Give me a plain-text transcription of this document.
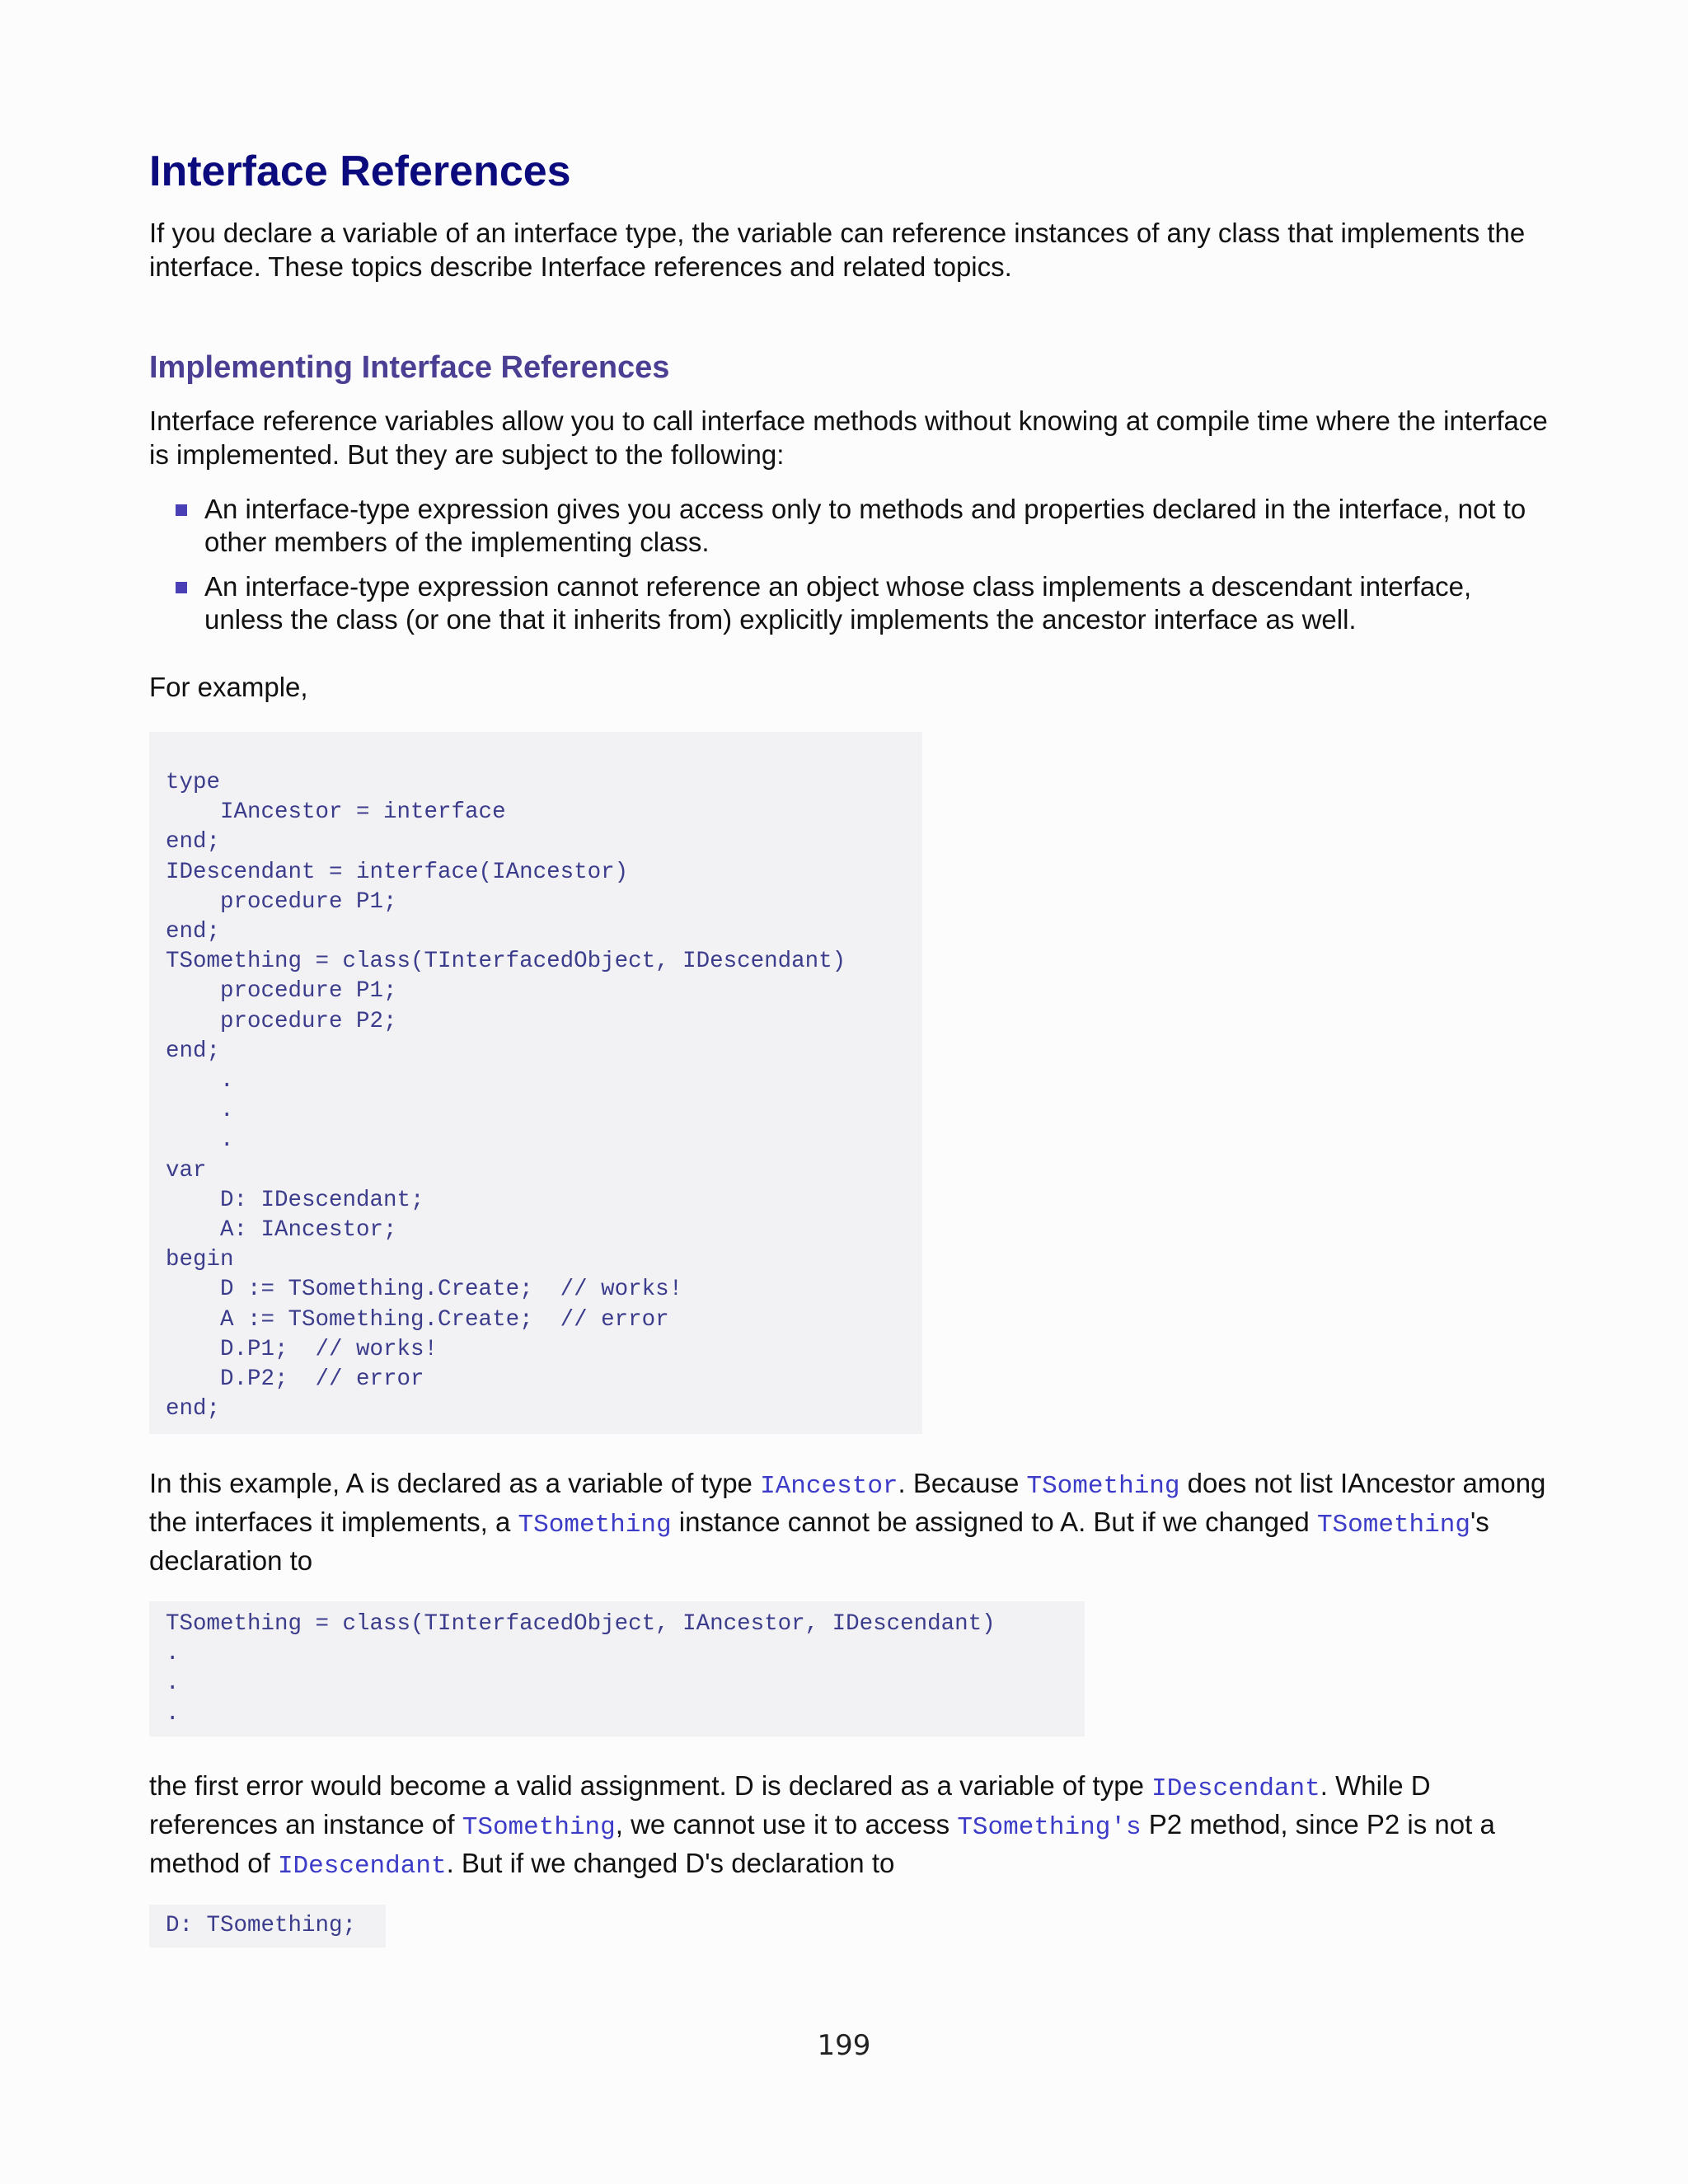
Interface References

If you declare a variable of an interface type, the variable can reference instances of any class that implements the interface. These topics describe Interface references and related topics.

Implementing Interface References

Interface reference variables allow you to call interface methods without knowing at compile time where the interface is implemented. But they are subject to the following:

An interface-type expression gives you access only to methods and properties declared in the interface, not to other members of the implementing class.
An interface-type expression cannot reference an object whose class implements a descendant interface, unless the class (or one that it inherits from) explicitly implements the ancestor interface as well.

For example,

type
IAncestor = interface
end;
IDescendant = interface(IAncestor)
procedure P1;
end;
TSomething = class(TInterfacedObject, IDescendant)
procedure P1;
procedure P2;
end;
.
.
.
var
D: IDescendant;
A: IAncestor;
begin
D := TSomething.Create;  // works!
A := TSomething.Create;  // error
D.P1;  // works!
D.P2;  // error
end;

In this example, A is declared as a variable of type IAncestor. Because TSomething does not list IAncestor among the interfaces it implements, a TSomething instance cannot be assigned to A. But if we changed TSomething's declaration to

TSomething = class(TInterfacedObject, IAncestor, IDescendant)
.
.
.

the first error would become a valid assignment. D is declared as a variable of type IDescendant. While D references an instance of TSomething, we cannot use it to access TSomething's P2 method, since P2 is not a method of IDescendant. But if we changed D's declaration to

D: TSomething;
199
